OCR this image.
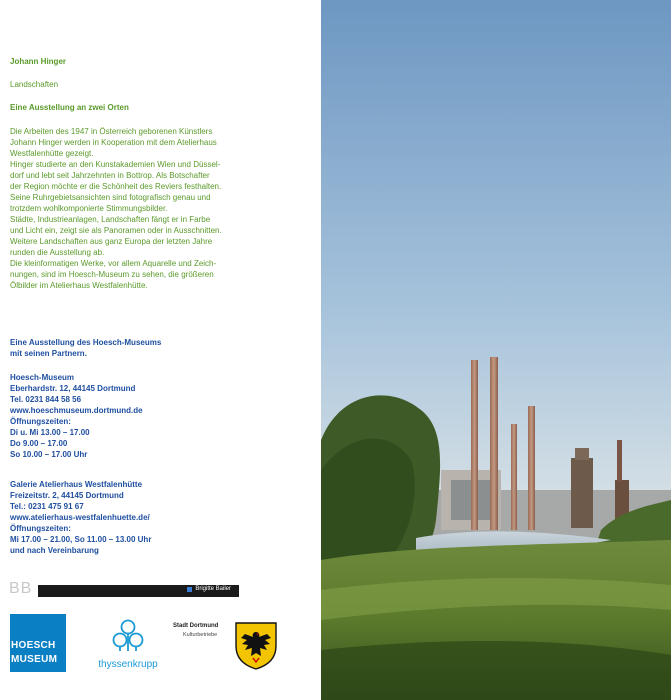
Johann Hinger

Landschaften

Eine Ausstellung an zwei Orten

Die Arbeiten des 1947 in Österreich geborenen Künstlers
Johann Hinger werden in Kooperation mit dem Atelierhaus
Westfalenhütte gezeigt.
Hinger studierte an den Kunstakademien Wien und Düssel-
dorf und lebt seit Jahrzehnten in Bottrop. Als Botschafter
der Region möchte er die Schönheit des Reviers festhalten.
Seine Ruhrgebietsansichten sind fotografisch genau und
trotzdem wohlkomponierte Stimmungsbilder.
Städte, Industrieanlagen, Landschaften fängt er in Farbe
und Licht ein, zeigt sie als Panoramen oder in Ausschnitten.
Weitere Landschaften aus ganz Europa der letzten Jahre
runden die Ausstellung ab.
Die kleinformatigen Werke, vor allem Aquarelle und Zeich-
nungen, sind im Hoesch-Museum zu sehen, die größeren
Ölbilder im Atelierhaus Westfalenhütte.

Eine Ausstellung des Hoesch-Museums
mit seinen Partnern.

Hoesch-Museum
Eberhardstr. 12, 44145 Dortmund
Tel. 0231 844 58 56
www.hoeschmuseum.dortmund.de
Öffnungszeiten:
Di u. Mi 13.00 – 17.00
Do 9.00 – 17.00
So 10.00 – 17.00 Uhr

Galerie Atelierhaus Westfalenhütte
Freizeitstr. 2, 44145 Dortmund
Tel.: 0231 475 91 67
www.atelierhaus-westfalenhuette.de/
Öffnungszeiten:
Mi 17.00 – 21.00, So 11.00 – 13.00 Uhr
und nach Vereinbarung

BB	Brigitte Bailer
HOESCH
MUSEUM	thyssenkrupp
Stadt Dortmund
Kulturbetriebe
